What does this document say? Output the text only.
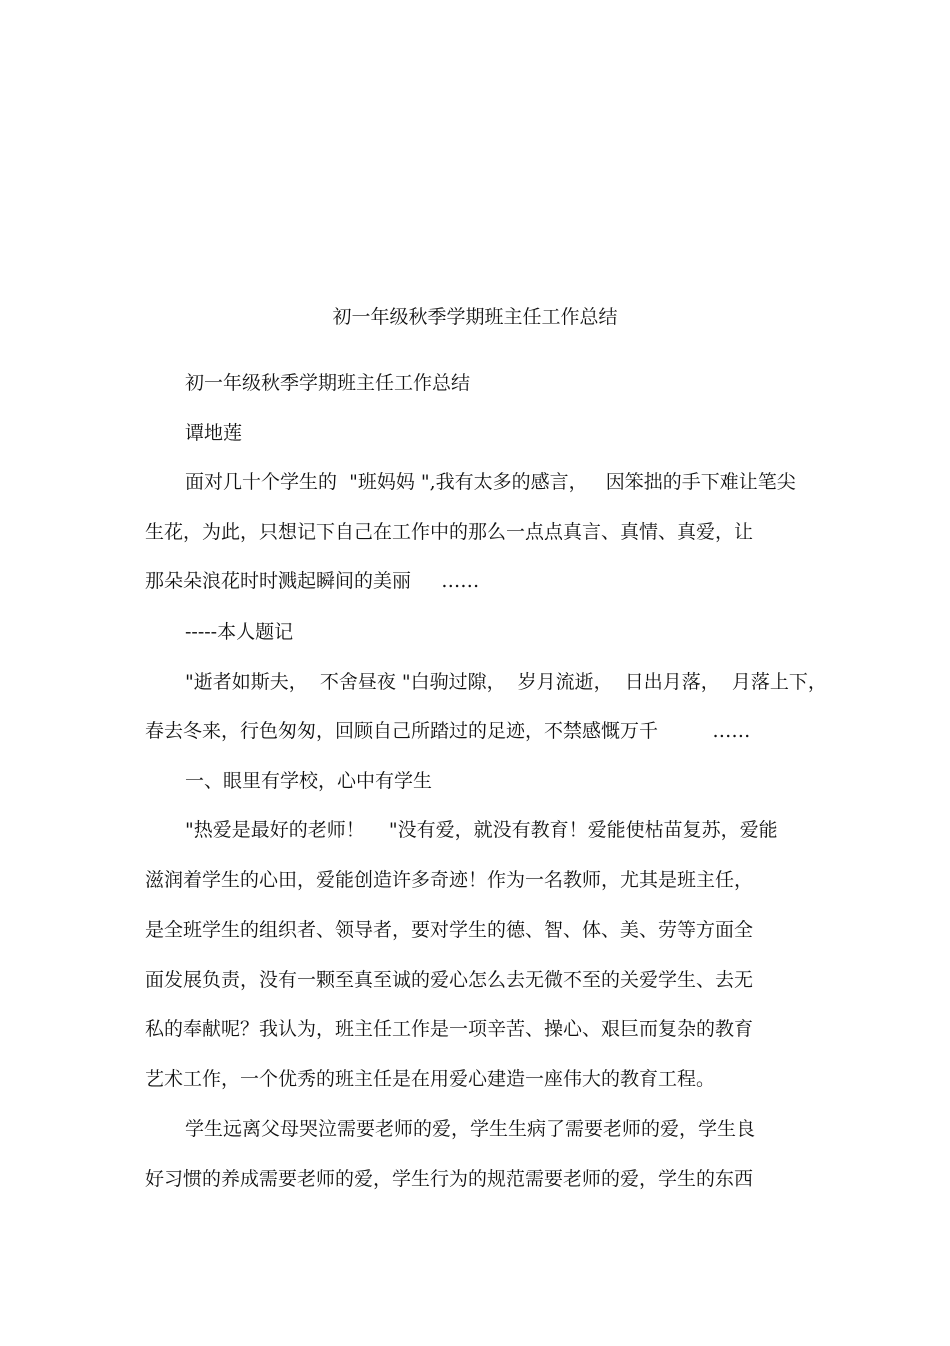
初一年级秋季学期班主任工作总结
初一年级秋季学期班主任工作总结
谭地莲
面对几十个学生的  "班妈妈 ",我有太多的感言，   因笨拙的手下难让笔尖
生花，为此，只想记下自己在工作中的那么一点点真言、真情、真爱，让
那朵朵浪花时时溅起瞬间的美丽     ……
-----本人题记
"逝者如斯夫，  不舍昼夜 "白驹过隙，  岁月流逝，  日出月落，  月落上下，
春去冬来，行色匆匆，回顾自己所踏过的足迹，不禁感慨万千         ……
一、眼里有学校，心中有学生
"热爱是最好的老师！    "没有爱，就没有教育！爱能使枯苗复苏，爱能
滋润着学生的心田，爱能创造许多奇迹！作为一名教师，尤其是班主任，
是全班学生的组织者、领导者，要对学生的德、智、体、美、劳等方面全
面发展负责，没有一颗至真至诚的爱心怎么去无微不至的关爱学生、去无
私的奉献呢？我认为，班主任工作是一项辛苦、操心、艰巨而复杂的教育
艺术工作，一个优秀的班主任是在用爱心建造一座伟大的教育工程。
学生远离父母哭泣需要老师的爱，学生生病了需要老师的爱，学生良
好习惯的养成需要老师的爱，学生行为的规范需要老师的爱，学生的东西
